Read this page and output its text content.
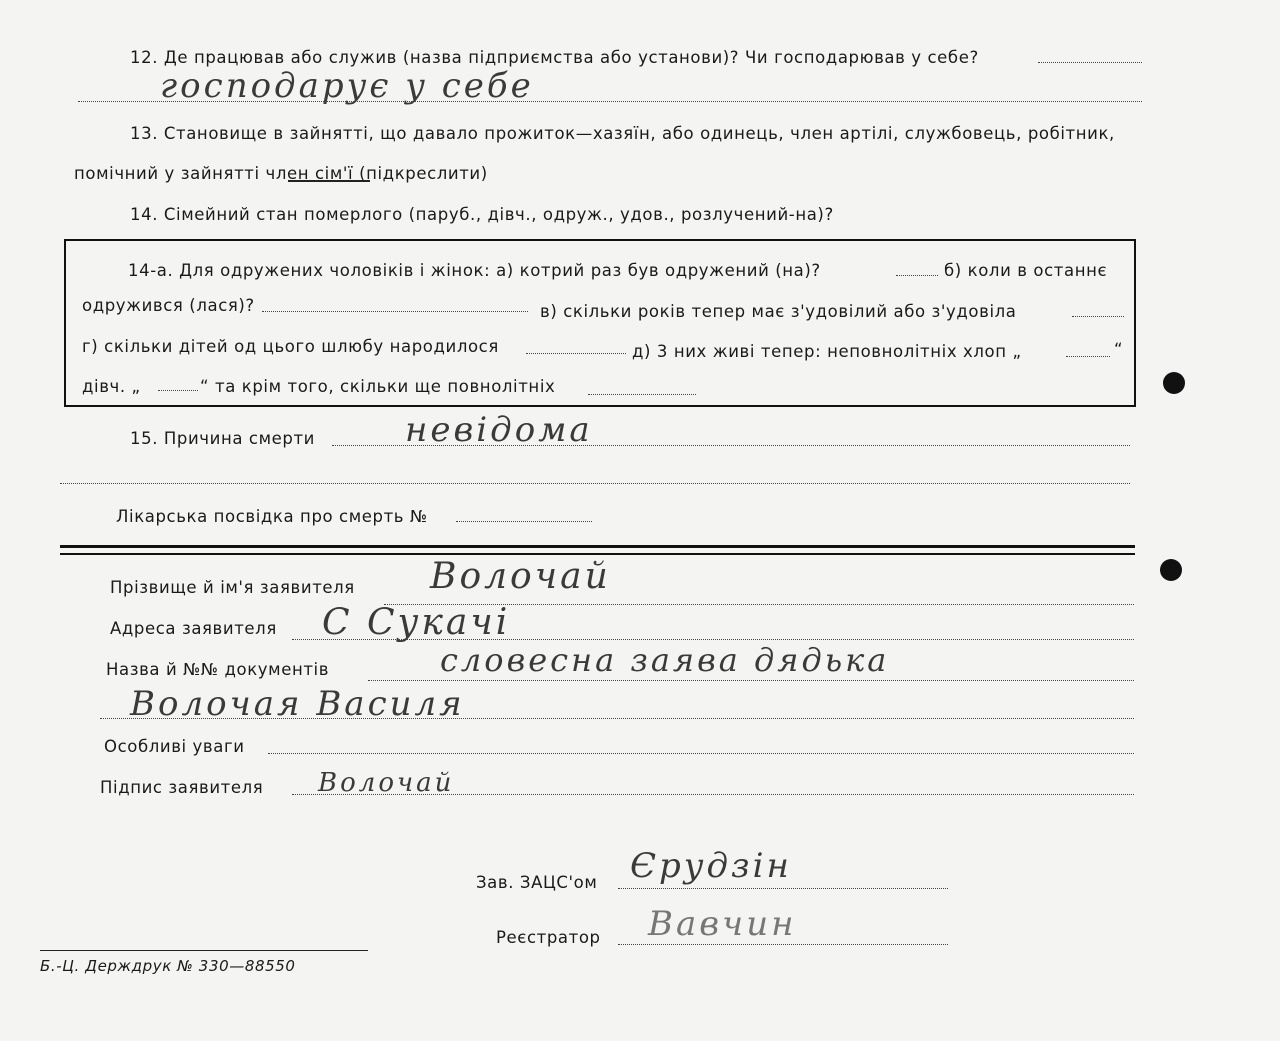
12. Де працював або служив (назва підприємства або установи)? Чи господарював у себе?
господарує у себе
13. Становище в зайнятті, що давало прожиток—хазяїн, або одинець, член артілі, службовець, робітник,
помічний у зайнятті член сім'ї (підкреслити)
14. Сімейний стан померлого (паруб., дівч., одруж., удов., розлучений-на)?
14-а. Для одружених чоловіків і жінок: а) котрий раз був одружений (на)?	б) коли в останнє
одружився (лася)?	в) скільки років тепер має з'удовілий або з'удовіла
г) скільки дітей од цього шлюбу народилося	д) 3 них живі тепер: неповнолітніх хлоп „	“
дівч. „	“ та крім того, скільки ще повнолітніх
15. Причина смерти	невідома
Лікарська посвідка про смерть №
Прізвище й ім'я заявителя Волочай
Адреса заявителя С Сукачі
Назва й №№ документів	словесна заява дядька
Волочая Василя
Особливі уваги
Підпис заявителя Волочай
Зав. ЗАЦС'ом Єрудзін
Реєстратор Вавчин
Б.-Ц. Держдрук № 330—88550
